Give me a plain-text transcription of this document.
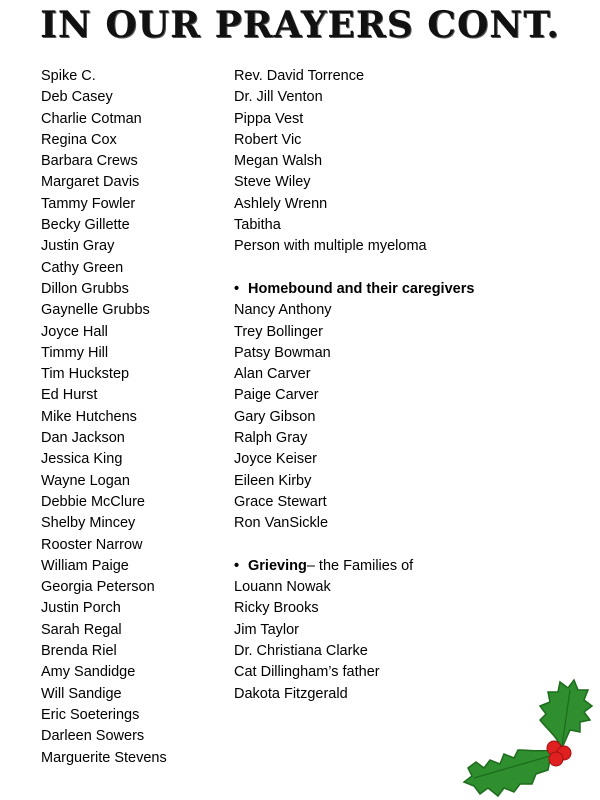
IN OUR PRAYERS CONT.
Spike C.
Deb Casey
Charlie Cotman
Regina Cox
Barbara Crews
Margaret Davis
Tammy Fowler
Becky Gillette
Justin Gray
Cathy Green
Dillon Grubbs
Gaynelle Grubbs
Joyce Hall
Timmy Hill
Tim Huckstep
Ed Hurst
Mike Hutchens
Dan Jackson
Jessica King
Wayne Logan
Debbie McClure
Shelby Mincey
Rooster Narrow
William Paige
Georgia Peterson
Justin Porch
Sarah Regal
Brenda Riel
Amy Sandidge
Will Sandige
Eric Soeterings
Darleen Sowers
Marguerite Stevens
Rev. David Torrence
Dr. Jill Venton
Pippa Vest
Robert Vic
Megan Walsh
Steve Wiley
Ashlely Wrenn
Tabitha
Person with multiple myeloma
• Homebound and their caregivers
Nancy Anthony
Trey Bollinger
Patsy Bowman
Alan Carver
Paige Carver
Gary Gibson
Ralph Gray
Joyce Keiser
Eileen Kirby
Grace Stewart
Ron VanSickle
• Grieving– the Families of
Louann Nowak
Ricky Brooks
Jim Taylor
Dr. Christiana Clarke
Cat Dillingham’s father
Dakota Fitzgerald
